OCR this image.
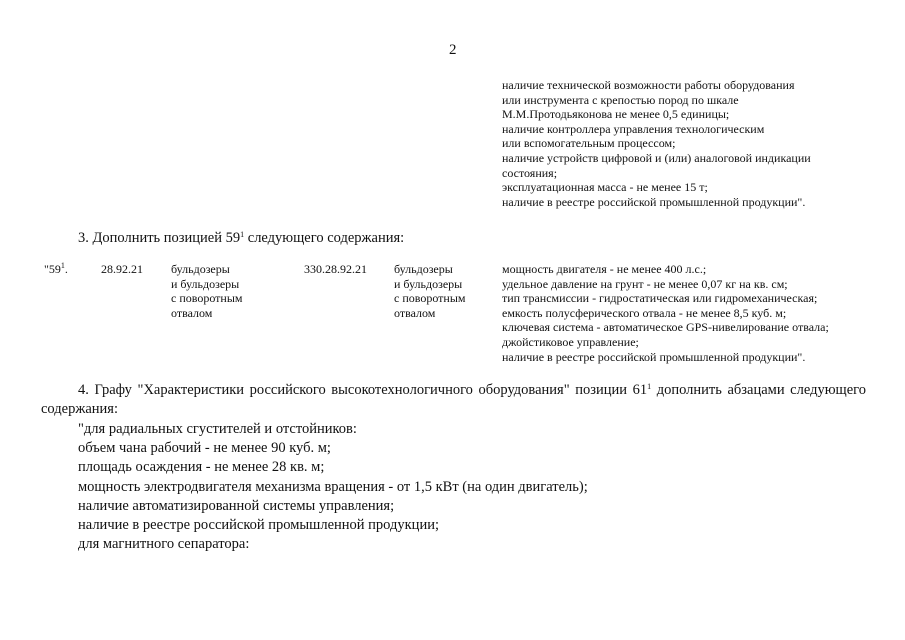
2
наличие технической возможности работы оборудования
или инструмента с крепостью пород по шкале
М.М.Протодьяконова не менее 0,5 единицы;
наличие контроллера управления технологическим
или вспомогательным процессом;
наличие устройств цифровой и (или) аналоговой индикации
состояния;
эксплуатационная масса - не менее 15 т;
наличие в реестре российской промышленной продукции".
3. Дополнить позицией $59^1$ следующего содержания:
"$59^1$.	28.92.21 бульдозеры
и бульдозеры
с поворотным
отвалом
330.28.92.21 бульдозеры
и бульдозеры
с поворотным
отвалом
мощность двигателя - не менее 400 л.с.;
удельное давление на грунт - не менее 0,07 кг на кв. см;
тип трансмиссии - гидростатическая или гидромеханическая;
емкость полусферического отвала - не менее 8,5 куб. м;
ключевая система - автоматическое GPS-нивелирование отвала;
джойстиковое управление;
наличие в реестре российской промышленной продукции".
4. Графу "Характеристики российского высокотехнологичного оборудования" позиции $61^1$ дополнить абзацами следующего содержания:
"для радиальных сгустителей и отстойников:
объем чана рабочий - не менее 90 куб. м;
площадь осаждения - не менее 28 кв. м;
мощность электродвигателя механизма вращения - от 1,5 кВт (на один двигатель);
наличие автоматизированной системы управления;
наличие в реестре российской промышленной продукции;
для магнитного сепаратора:
